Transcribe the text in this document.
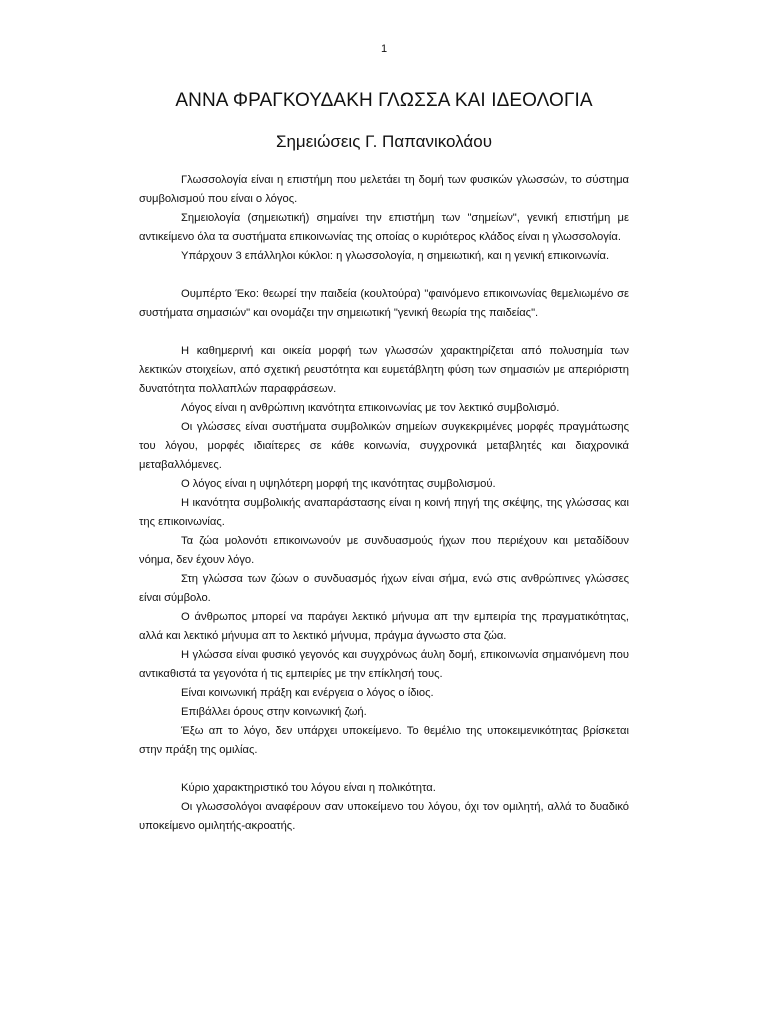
1
ΑΝΝΑ ΦΡΑΓΚΟΥΔΑΚΗ ΓΛΩΣΣΑ ΚΑΙ ΙΔΕΟΛΟΓΙΑ
Σημειώσεις Γ. Παπανικολάου

Γλωσσολογία είναι η επιστήμη που μελετάει τη δομή των φυσικών γλωσσών, το σύστημα συμβολισμού που είναι ο λόγος.

Σημειολογία (σημειωτική) σημαίνει την επιστήμη των "σημείων", γενική επιστήμη με αντικείμενο όλα τα συστήματα επικοινωνίας της οποίας ο κυριότερος κλάδος είναι η γλωσσολογία.

Υπάρχουν 3 επάλληλοι κύκλοι: η γλωσσολογία, η σημειωτική, και η γενική επικοινωνία.

Ουμπέρτο Έκο: θεωρεί την παιδεία (κουλτούρα) "φαινόμενο επικοινωνίας θεμελιωμένο σε συστήματα σημασιών" και ονομάζει την σημειωτική "γενική θεωρία της παιδείας".

Η καθημερινή και οικεία μορφή των γλωσσών χαρακτηρίζεται από πολυσημία των λεκτικών στοιχείων, από σχετική ρευστότητα και ευμετάβλητη φύση των σημασιών με απεριόριστη δυνατότητα πολλαπλών παραφράσεων.

Λόγος είναι η ανθρώπινη ικανότητα επικοινωνίας με τον λεκτικό συμβολισμό.

Οι γλώσσες είναι συστήματα συμβολικών σημείων συγκεκριμένες μορφές πραγμάτωσης του λόγου, μορφές ιδιαίτερες σε κάθε κοινωνία, συγχρονικά μεταβλητές και διαχρονικά μεταβαλλόμενες.

Ο λόγος είναι η υψηλότερη μορφή της ικανότητας συμβολισμού.

Η ικανότητα συμβολικής αναπαράστασης είναι η κοινή πηγή της σκέψης, της γλώσσας και της επικοινωνίας.

Τα ζώα μολονότι επικοινωνούν με συνδυασμούς ήχων που περιέχουν και μεταδίδουν νόημα, δεν έχουν λόγο.

Στη γλώσσα των ζώων ο συνδυασμός ήχων είναι σήμα, ενώ στις ανθρώπινες γλώσσες είναι σύμβολο.

Ο άνθρωπος μπορεί να παράγει λεκτικό μήνυμα απ την εμπειρία της πραγματικότητας, αλλά και λεκτικό μήνυμα απ το λεκτικό μήνυμα, πράγμα άγνωστο στα ζώα.

Η γλώσσα είναι φυσικό γεγονός και συγχρόνως άυλη δομή, επικοινωνία σημαινόμενη που αντικαθιστά τα γεγονότα ή τις εμπειρίες με την επίκλησή τους.

Είναι κοινωνική πράξη και ενέργεια ο λόγος ο ίδιος.

Επιβάλλει όρους στην κοινωνική ζωή.

Έξω απ το λόγο, δεν υπάρχει υποκείμενο. Το θεμέλιο της υποκειμενικότητας βρίσκεται στην πράξη της ομιλίας.

Κύριο χαρακτηριστικό του λόγου είναι η πολικότητα.

Οι γλωσσολόγοι αναφέρουν σαν υποκείμενο του λόγου, όχι τον ομιλητή, αλλά το δυαδικό υποκείμενο ομιλητής-ακροατής.
